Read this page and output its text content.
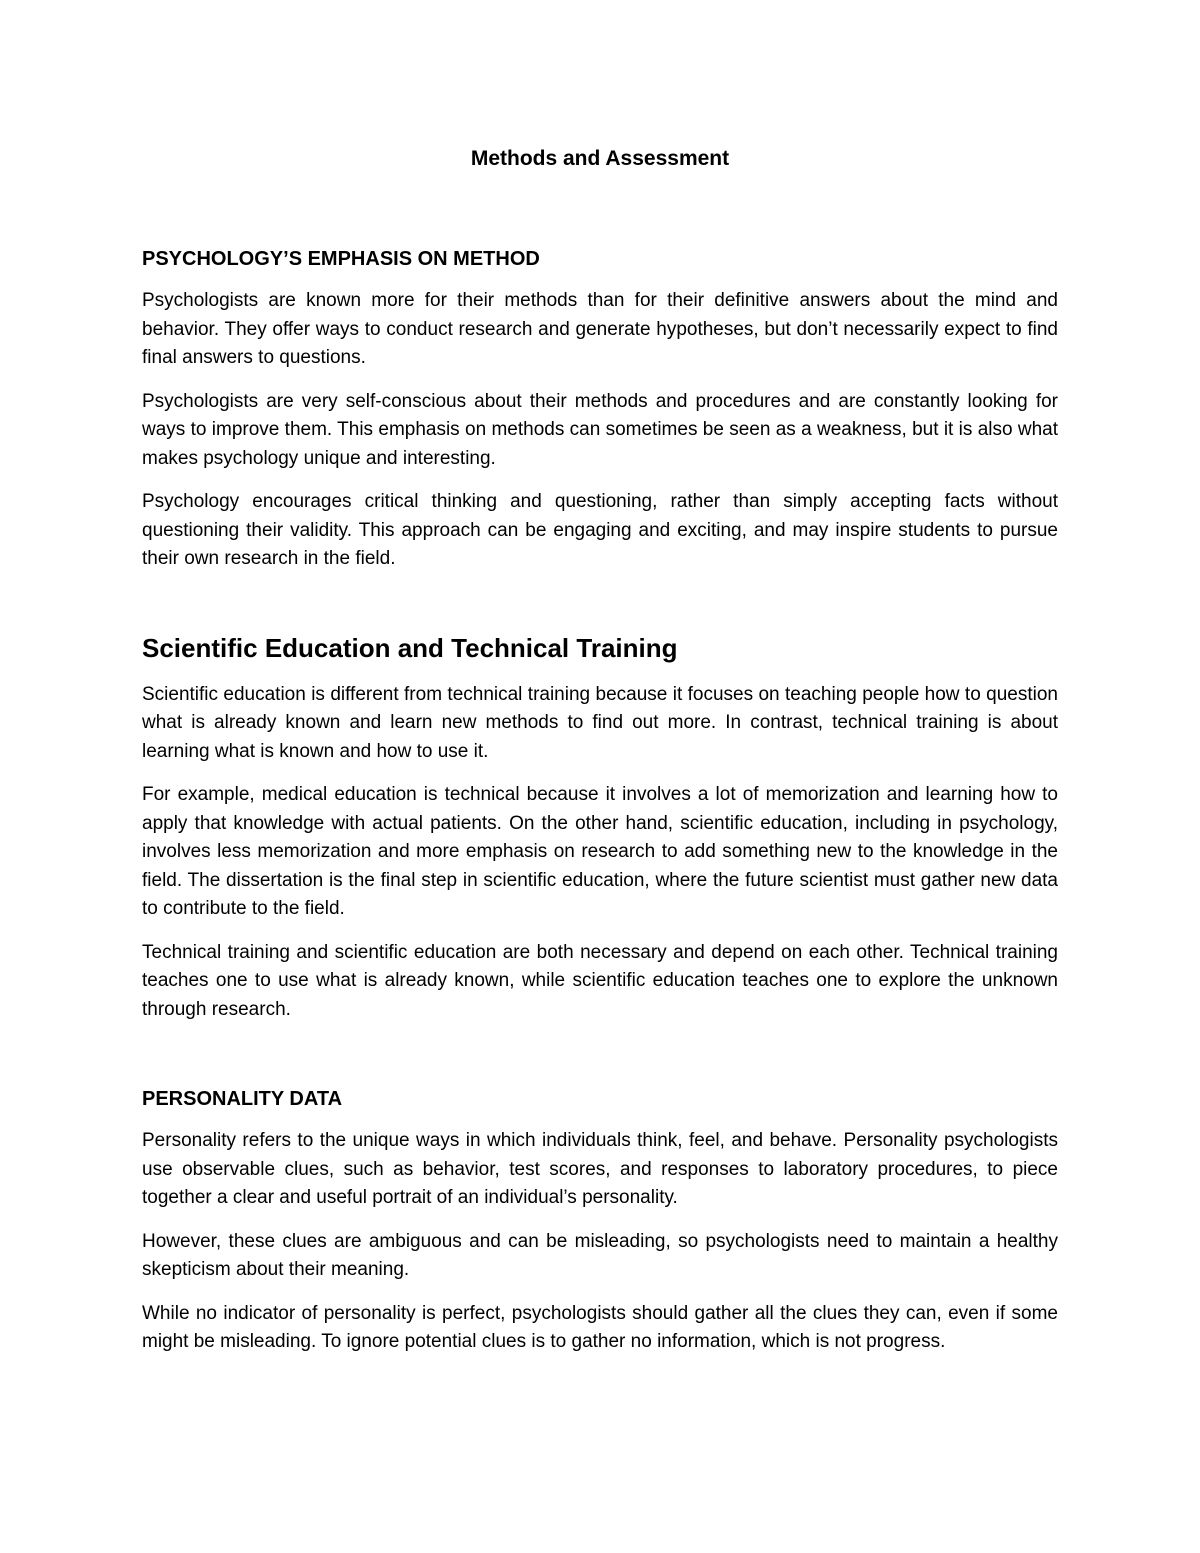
Methods and Assessment
PSYCHOLOGY’S EMPHASIS ON METHOD

Psychologists are known more for their methods than for their definitive answers about the mind and behavior. They offer ways to conduct research and generate hypotheses, but don’t necessarily expect to find final answers to questions.

Psychologists are very self-conscious about their methods and procedures and are constantly looking for ways to improve them. This emphasis on methods can sometimes be seen as a weakness, but it is also what makes psychology unique and interesting.

Psychology encourages critical thinking and questioning, rather than simply accepting facts without questioning their validity. This approach can be engaging and exciting, and may inspire students to pursue their own research in the field.

Scientific Education and Technical Training

Scientific education is different from technical training because it focuses on teaching people how to question what is already known and learn new methods to find out more. In contrast, technical training is about learning what is known and how to use it.

For example, medical education is technical because it involves a lot of memorization and learning how to apply that knowledge with actual patients. On the other hand, scientific education, including in psychology, involves less memorization and more emphasis on research to add something new to the knowledge in the field. The dissertation is the final step in scientific education, where the future scientist must gather new data to contribute to the field.

Technical training and scientific education are both necessary and depend on each other. Technical training teaches one to use what is already known, while scientific education teaches one to explore the unknown through research.

PERSONALITY DATA

Personality refers to the unique ways in which individuals think, feel, and behave. Personality psychologists use observable clues, such as behavior, test scores, and responses to laboratory procedures, to piece together a clear and useful portrait of an individual’s personality.

However, these clues are ambiguous and can be misleading, so psychologists need to maintain a healthy skepticism about their meaning.

While no indicator of personality is perfect, psychologists should gather all the clues they can, even if some might be misleading. To ignore potential clues is to gather no information, which is not progress.
